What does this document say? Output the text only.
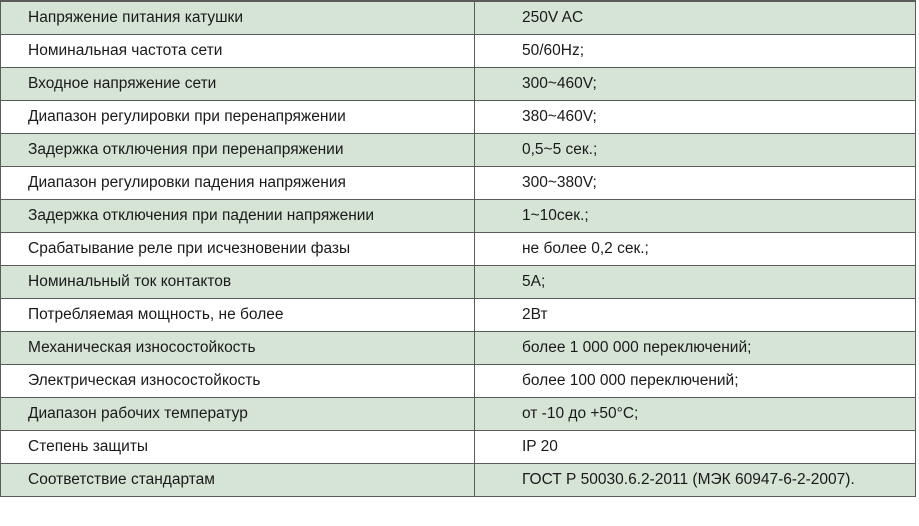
Напряжение питания катушки	250V AC
Номинальная частота сети	50/60Hz;
Входное напряжение сети	300~460V;
Диапазон регулировки при перенапряжении	380~460V;
Задержка отключения при перенапряжении	0,5~5 сек.;
Диапазон регулировки падения напряжения	300~380V;
Задержка отключения при падении напряжении	1~10сек.;
Срабатывание реле при исчезновении фазы	не более 0,2 сек.;
Номинальный ток контактов	5А;
Потребляемая мощность, не более	2Вт
Механическая износостойкость	более 1 000 000 переключений;
Электрическая износостойкость	более 100 000 переключений;
Диапазон рабочих температур	от -10 до +50°С;
Степень защиты	IP 20
Соответствие стандартам	ГОСТ Р 50030.6.2-2011 (МЭК 60947-6-2-2007).
